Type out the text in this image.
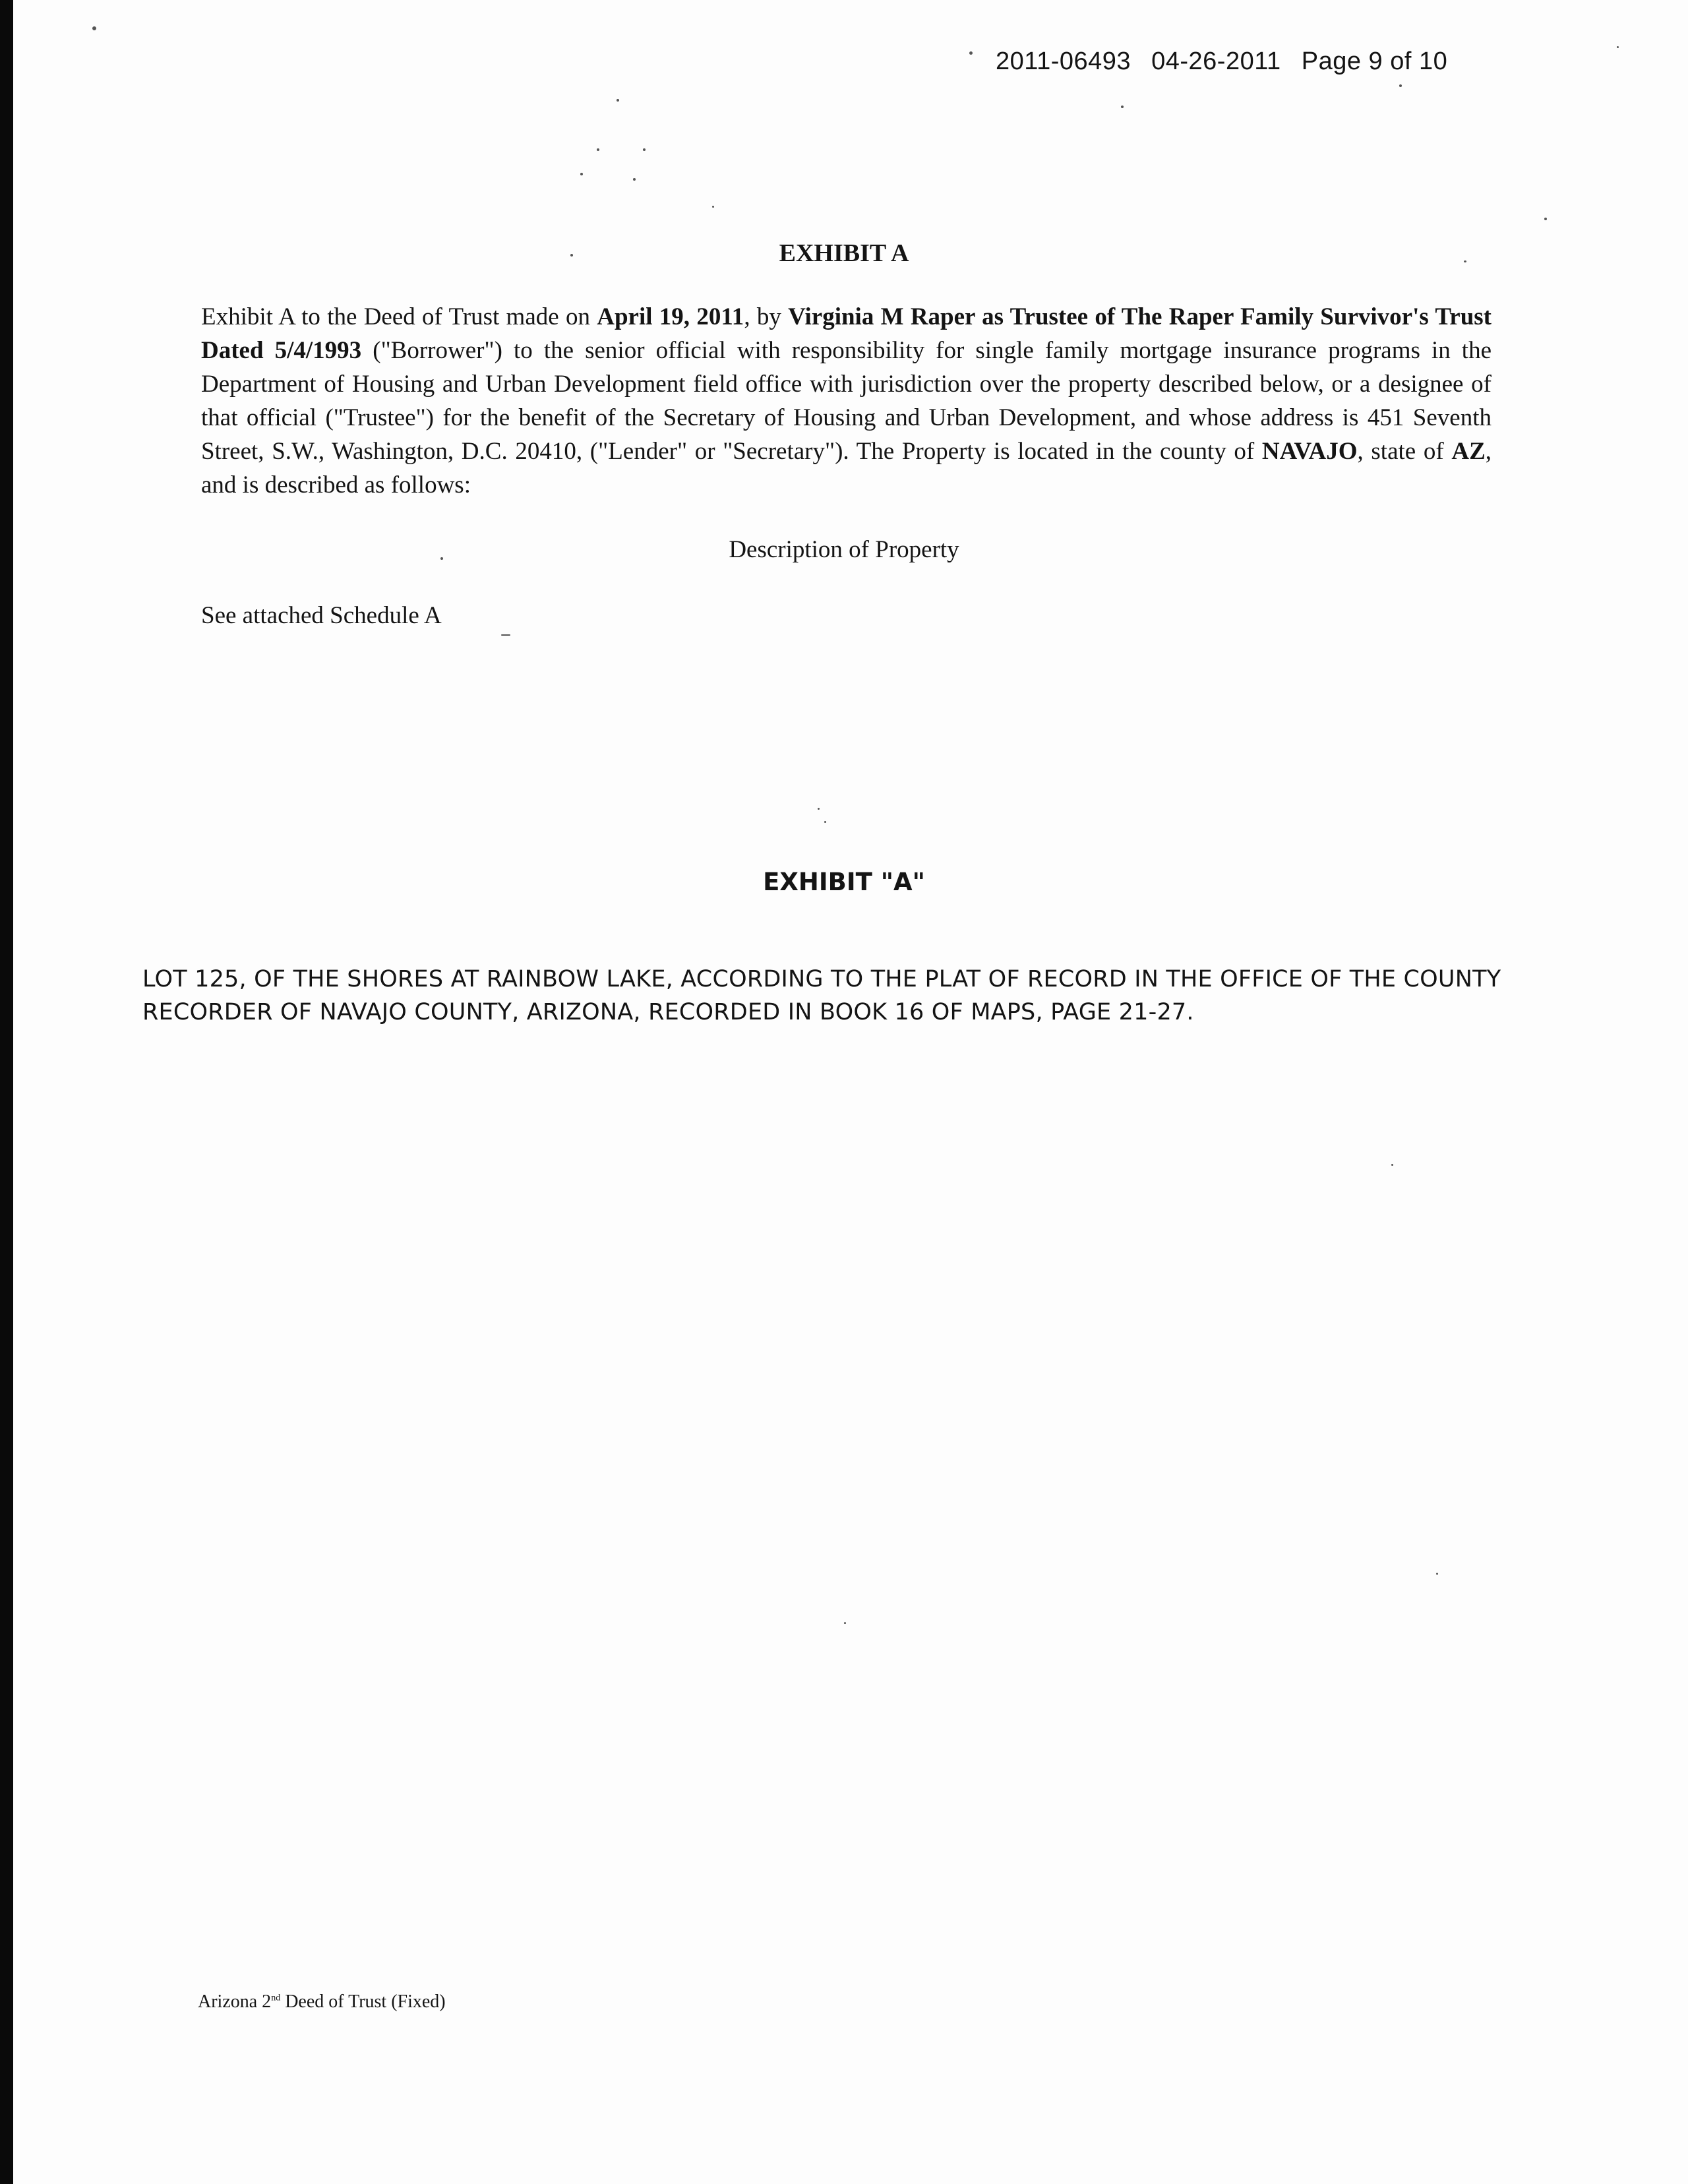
2011-06493 04-26-2011 Page 9 of 10
EXHIBIT A
Exhibit A to the Deed of Trust made on April 19, 2011, by Virginia M Raper as Trustee of The Raper Family Survivor's Trust Dated 5/4/1993 ("Borrower") to the senior official with responsibility for single family mortgage insurance programs in the Department of Housing and Urban Development field office with jurisdiction over the property described below, or a designee of that official ("Trustee") for the benefit of the Secretary of Housing and Urban Development, and whose address is 451 Seventh Street, S.W., Washington, D.C. 20410, ("Lender" or "Secretary"). The Property is located in the county of NAVAJO, state of AZ, and is described as follows:
Description of Property
See attached Schedule A
EXHIBIT "A"
LOT 125, OF THE SHORES AT RAINBOW LAKE, ACCORDING TO THE PLAT OF RECORD IN THE OFFICE OF THE COUNTY RECORDER OF NAVAJO COUNTY, ARIZONA, RECORDED IN BOOK 16 OF MAPS, PAGE 21-27.
Arizona 2nd Deed of Trust (Fixed)
